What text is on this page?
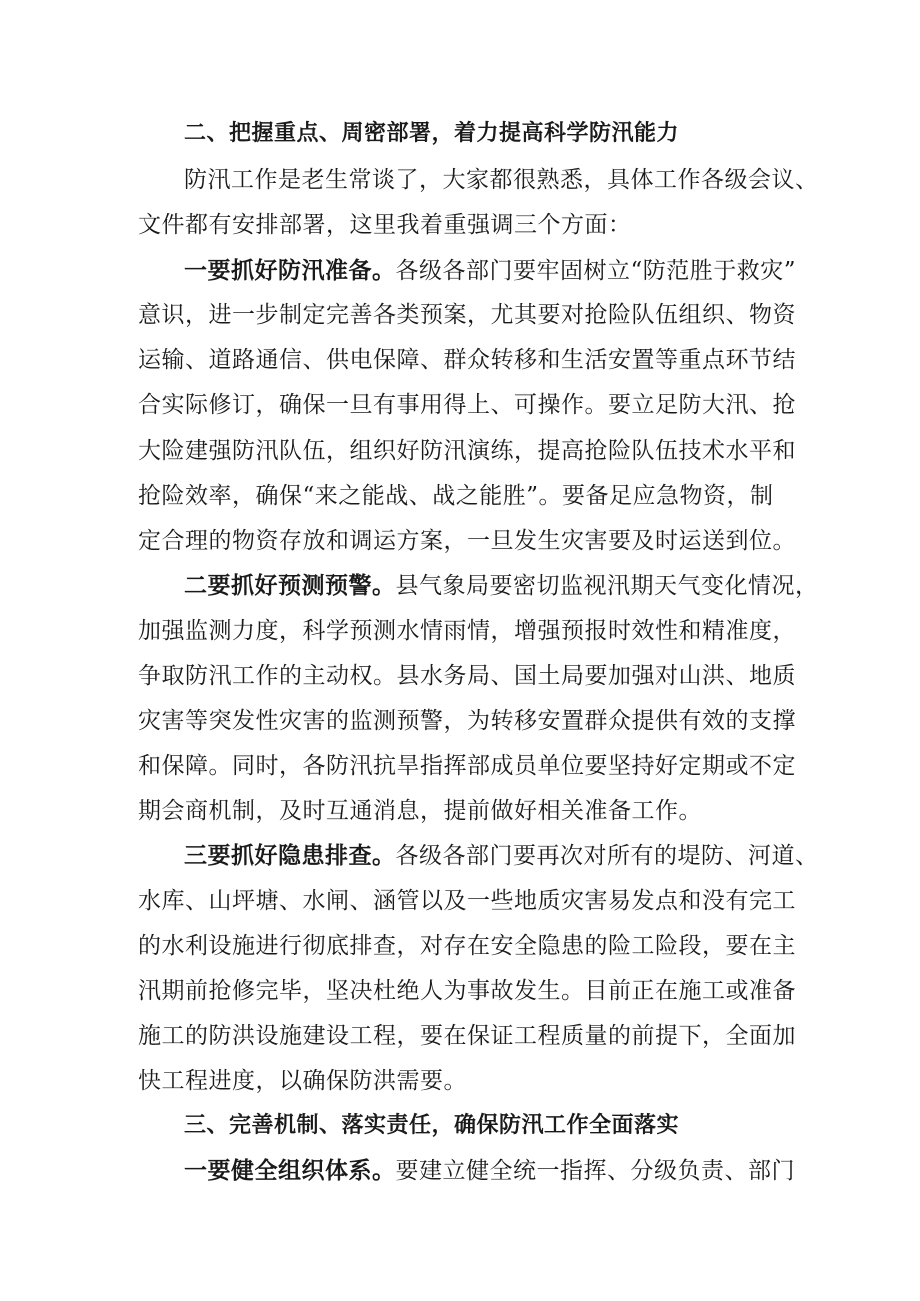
二、把握重点、周密部署，着力提高科学防汛能力
防汛工作是老生常谈了，大家都很熟悉，具体工作各级会议、
文件都有安排部署，这里我着重强调三个方面：
一要抓好防汛准备。各级各部门要牢固树立“防范胜于救灾”
意识，进一步制定完善各类预案，尤其要对抢险队伍组织、物资
运输、道路通信、供电保障、群众转移和生活安置等重点环节结
合实际修订，确保一旦有事用得上、可操作。要立足防大汛、抢
大险建强防汛队伍，组织好防汛演练，提高抢险队伍技术水平和
抢险效率，确保“来之能战、战之能胜”。要备足应急物资，制
定合理的物资存放和调运方案，一旦发生灾害要及时运送到位。
二要抓好预测预警。县气象局要密切监视汛期天气变化情况，
加强监测力度，科学预测水情雨情，增强预报时效性和精准度，
争取防汛工作的主动权。县水务局、国土局要加强对山洪、地质
灾害等突发性灾害的监测预警，为转移安置群众提供有效的支撑
和保障。同时，各防汛抗旱指挥部成员单位要坚持好定期或不定
期会商机制，及时互通消息，提前做好相关准备工作。
三要抓好隐患排查。各级各部门要再次对所有的堤防、河道、
水库、山坪塘、水闸、涵管以及一些地质灾害易发点和没有完工
的水利设施进行彻底排查，对存在安全隐患的险工险段，要在主
汛期前抢修完毕，坚决杜绝人为事故发生。目前正在施工或准备
施工的防洪设施建设工程，要在保证工程质量的前提下，全面加
快工程进度，以确保防洪需要。
三、完善机制、落实责任，确保防汛工作全面落实
一要健全组织体系。要建立健全统一指挥、分级负责、部门
